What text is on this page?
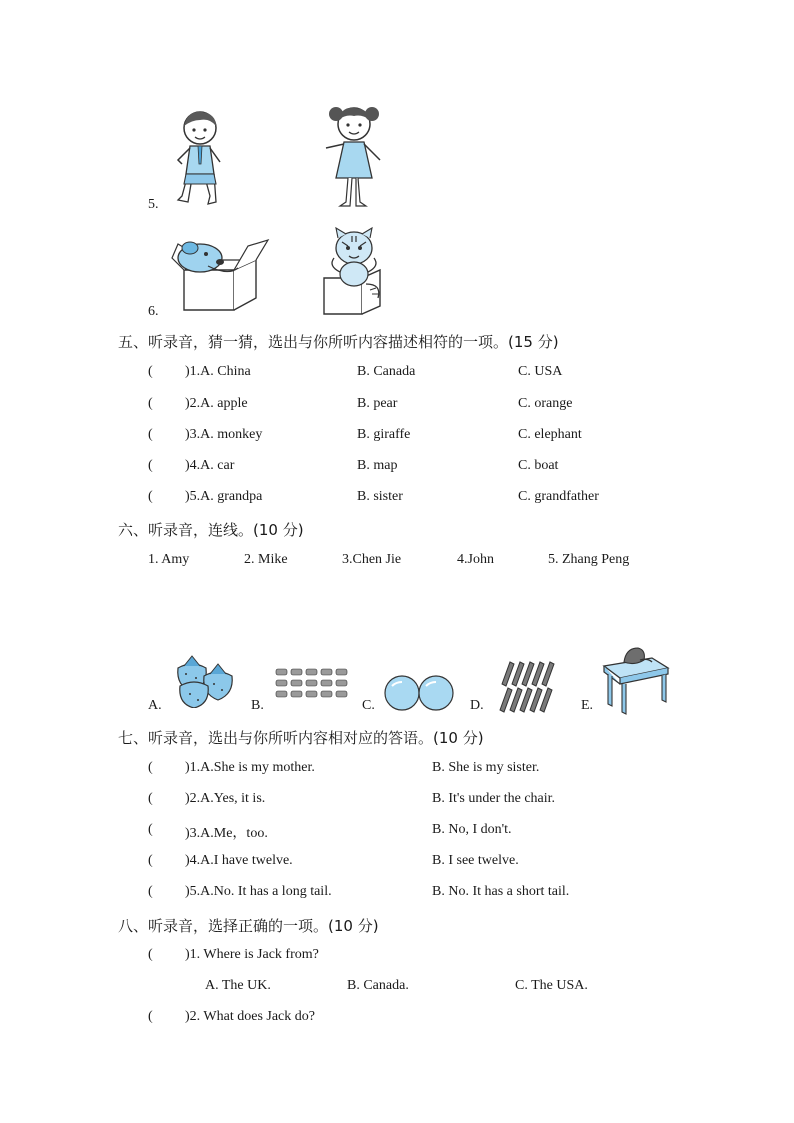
5.
6.
五、听录音，猜一猜，选出与你所听内容描述相符的一项。(15 分)
( )1.A. China	B. Canada	C. USA
( )2.A. apple	B. pear	C. orange
( )3.A. monkey	B. giraffe	C. elephant
( )4.A. car	B. map	C. boat
( )5.A. grandpa	B. sister	C. grandfather
六、听录音，连线。(10 分)
1. Amy	2. Mike	3.Chen Jie	4.John	5. Zhang Peng
A.	B.	C.	D.	E.
七、听录音，选出与你所听内容相对应的答语。(10 分)
( )1.A.She is my mother.	B. She is my sister.
( )2.A.Yes, it is.	B. It's under the chair.
( )3.A.Me，too.	B. No, I don't.
( )4.A.I have twelve.	B. I see twelve.
( )5.A.No. It has a long tail.	B. No. It has a short tail.
八、听录音，选择正确的一项。(10 分)
( )1. Where is Jack from?
A. The UK.	B. Canada.	C. The USA.
( )2. What does Jack do?
